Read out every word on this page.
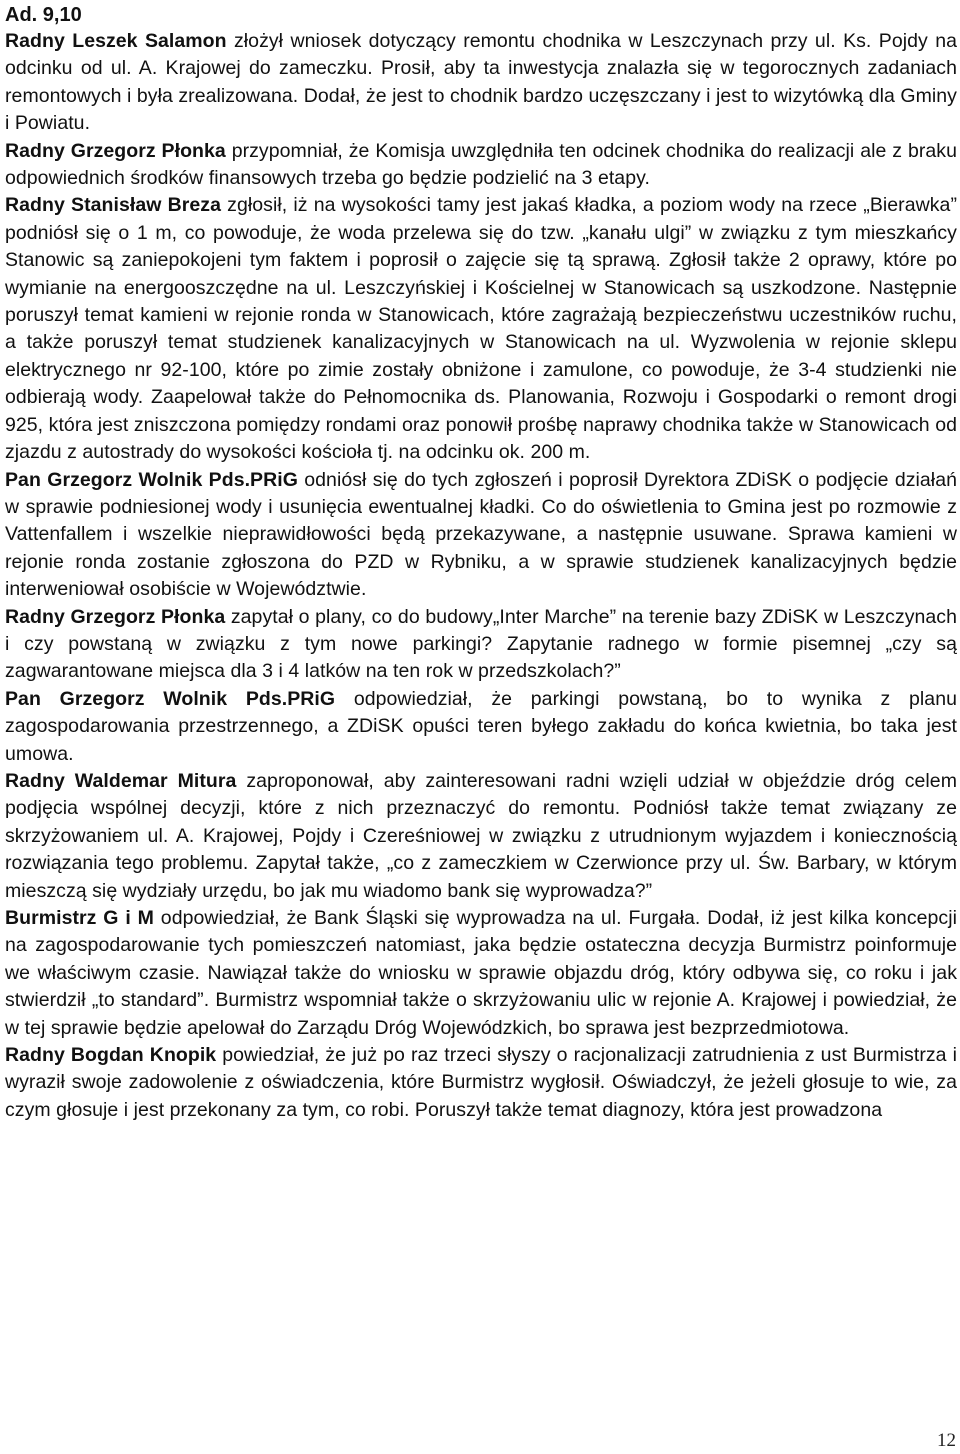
Ad. 9,10

Radny Leszek Salamon złożył wniosek dotyczący remontu chodnika w Leszczynach przy ul. Ks. Pojdy na odcinku od ul. A. Krajowej do zameczku. Prosił, aby ta inwestycja znalazła się w tegorocznych zadaniach remontowych i była zrealizowana. Dodał, że jest to chodnik bardzo uczęszczany i jest to wizytówką dla Gminy i Powiatu.

Radny Grzegorz Płonka przypomniał, że Komisja uwzględniła ten odcinek chodnika do realizacji ale z braku odpowiednich środków finansowych trzeba go będzie podzielić na 3 etapy.

Radny Stanisław Breza zgłosił, iż na wysokości tamy jest jakaś kładka, a poziom wody na rzece „Bierawka” podniósł się o 1 m, co powoduje, że woda przelewa się do tzw. „kanału ulgi” w związku z tym mieszkańcy Stanowic są zaniepokojeni tym faktem i poprosił o zajęcie się tą sprawą. Zgłosił także 2 oprawy, które po wymianie na energooszczędne na ul. Leszczyńskiej i Kościelnej w Stanowicach są uszkodzone. Następnie poruszył temat kamieni w rejonie ronda w Stanowicach, które zagrażają bezpieczeństwu uczestników ruchu, a także poruszył temat studzienek kanalizacyjnych w Stanowicach na ul. Wyzwolenia w rejonie sklepu elektrycznego nr 92-100, które po zimie zostały obniżone i zamulone, co powoduje, że 3-4 studzienki nie odbierają wody. Zaapelował także do Pełnomocnika ds. Planowania, Rozwoju i Gospodarki o remont drogi 925, która jest zniszczona pomiędzy rondami oraz ponowił prośbę naprawy chodnika także w Stanowicach od zjazdu z autostrady do wysokości kościoła tj. na odcinku ok. 200 m.

Pan Grzegorz Wolnik Pds.PRiG odniósł się do tych zgłoszeń i poprosił Dyrektora ZDiSK o podjęcie działań w sprawie podniesionej wody i usunięcia ewentualnej kładki. Co do oświetlenia to Gmina jest po rozmowie z Vattenfallem i wszelkie nieprawidłowości będą przekazywane, a następnie usuwane. Sprawa kamieni w rejonie ronda zostanie zgłoszona do PZD w Rybniku, a w sprawie studzienek kanalizacyjnych będzie interweniował osobiście w Województwie.

Radny Grzegorz Płonka zapytał o plany, co do budowy„Inter Marche” na terenie bazy ZDiSK w Leszczynach i czy powstaną w związku z tym nowe parkingi? Zapytanie radnego w formie pisemnej „czy są zagwarantowane miejsca dla 3 i 4 latków na ten rok w przedszkolach?”

Pan Grzegorz Wolnik Pds.PRiG odpowiedział, że parkingi powstaną, bo to wynika z planu zagospodarowania przestrzennego, a ZDiSK opuści teren byłego zakładu do końca kwietnia, bo taka jest umowa.

Radny Waldemar Mitura zaproponował, aby zainteresowani radni wzięli udział w objeździe dróg celem podjęcia wspólnej decyzji, które z nich przeznaczyć do remontu. Podniósł także temat związany ze skrzyżowaniem ul. A. Krajowej, Pojdy i Czereśniowej w związku z utrudnionym wyjazdem i koniecznością rozwiązania tego problemu. Zapytał także, „co z zameczkiem w Czerwionce przy ul. Św. Barbary, w którym mieszczą się wydziały urzędu, bo jak mu wiadomo bank się wyprowadza?”

Burmistrz G i M odpowiedział, że Bank Śląski się wyprowadza na ul. Furgała. Dodał, iż jest kilka koncepcji na zagospodarowanie tych pomieszczeń natomiast, jaka będzie ostateczna decyzja Burmistrz poinformuje we właściwym czasie. Nawiązał także do wniosku w sprawie objazdu dróg, który odbywa się, co roku i jak stwierdził „to standard”. Burmistrz wspomniał także o skrzyżowaniu ulic w rejonie A. Krajowej i powiedział, że w tej sprawie będzie apelował do Zarządu Dróg Wojewódzkich, bo sprawa jest bezprzedmiotowa.

Radny Bogdan Knopik powiedział, że już po raz trzeci słyszy o racjonalizacji zatrudnienia z ust Burmistrza i wyraził swoje zadowolenie z oświadczenia, które Burmistrz wygłosił. Oświadczył, że jeżeli głosuje to wie, za czym głosuje i jest przekonany za tym, co robi. Poruszył także temat diagnozy, która jest prowadzona

12
